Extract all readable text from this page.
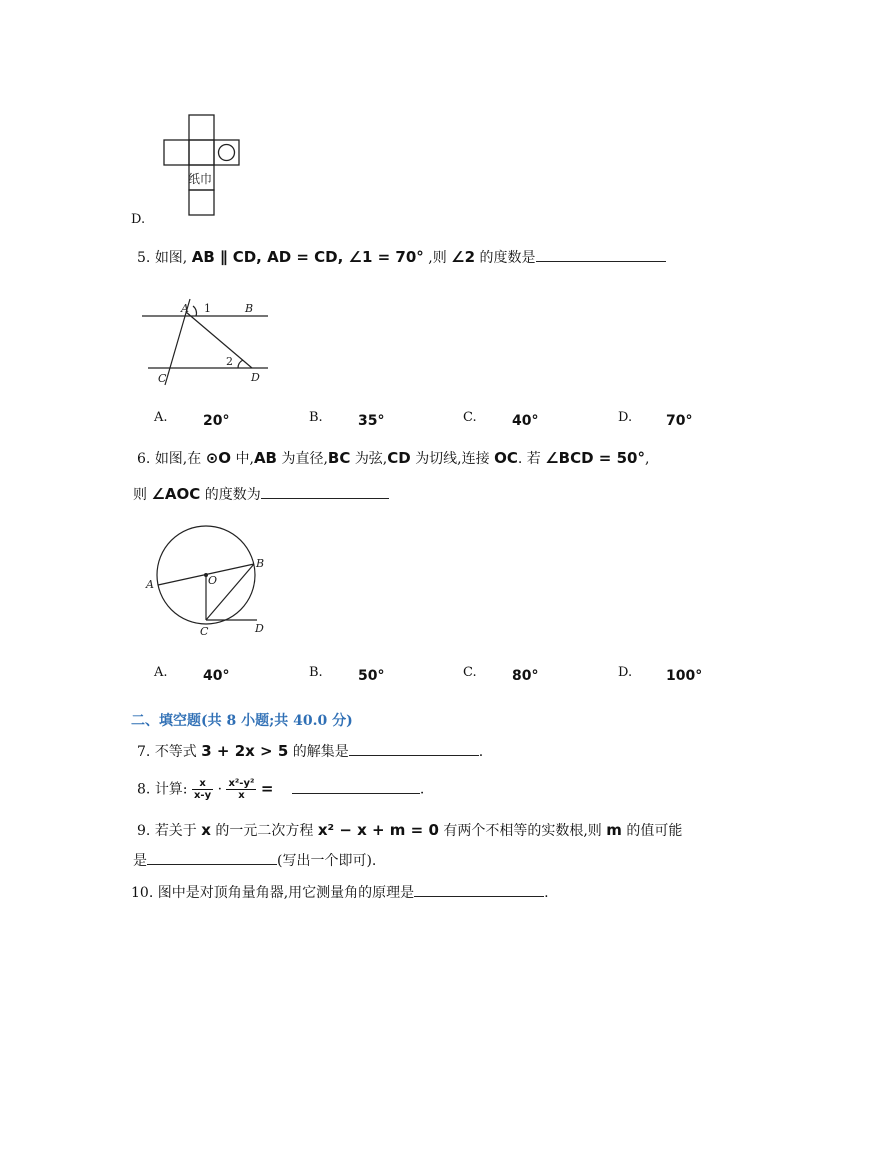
纸巾
D.
5. 如图, AB ∥ CD, AD = CD, ∠1 = 70° ,则 ∠2 的度数是
A	B
C	D
1
2
A.	20°	B.	35°	C.	40°	D. 70°
6. 如图,在 ⊙O 中,AB 为直径,BC 为弦,CD 为切线,连接 OC. 若 ∠BCD = 50°,
则 ∠AOC 的度数为
A
B
C	D
O
A.	40°	B.	50°	C.	80°	D. 100°
二、填空题(共 8 小题;共 40.0 分)
7. 不等式 3 + 2x > 5 的解集是	.
8. 计算: $\frac{x}{x-y} \cdot \frac{\text{x²-y²}}{x}$ =	.
9. 若关于 x 的一元二次方程 x² − x + m = 0 有两个不相等的实数根,则 m 的值可能
是	(写出一个即可).
10. 图中是对顶角量角器,用它测量角的原理是	.
